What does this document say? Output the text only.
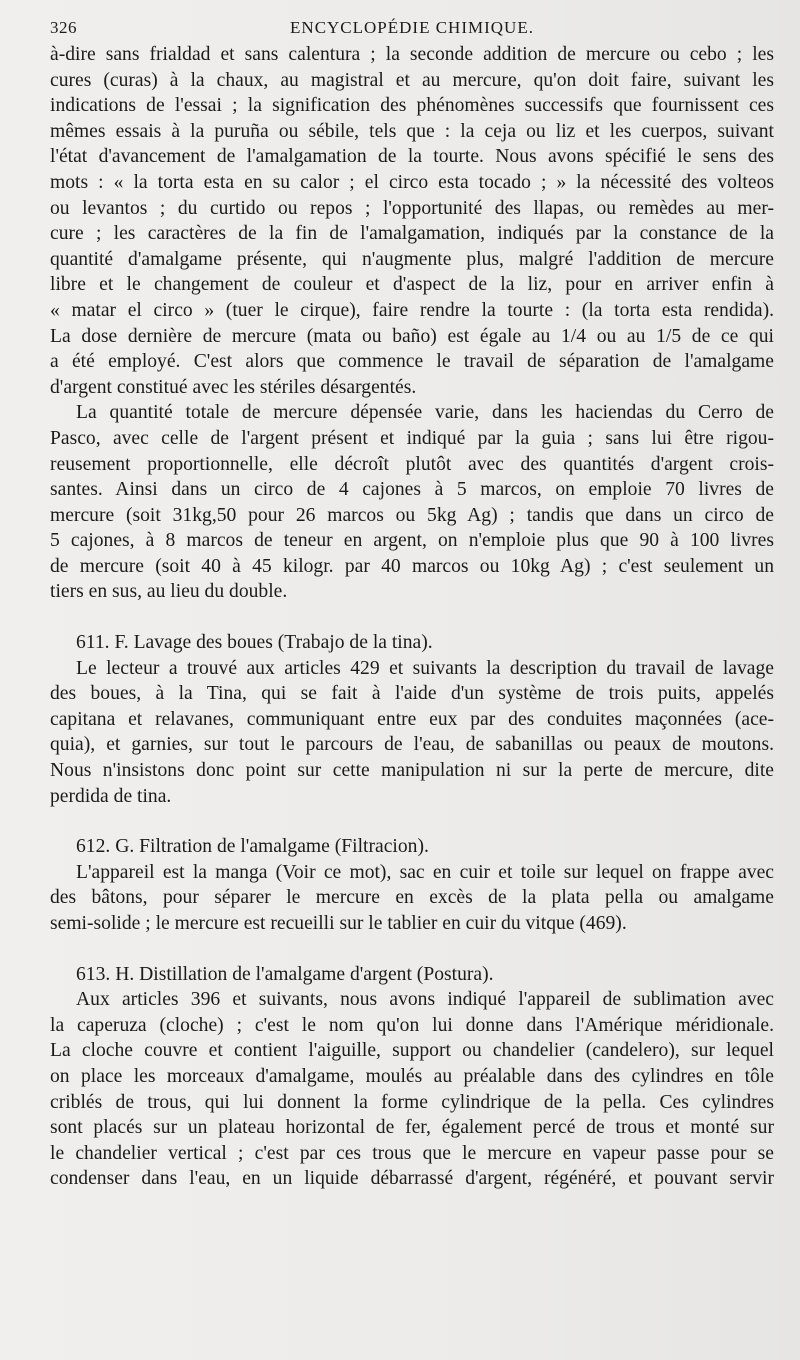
326	ENCYCLOPÉDIE CHIMIQUE.
à-dire sans frialdad et sans calentura ; la seconde addition de mercure ou cebo ; les
cures (curas) à la chaux, au magistral et au mercure, qu'on doit faire, suivant les
indications de l'essai ; la signification des phénomènes successifs que fournissent ces
mêmes essais à la puruña ou sébile, tels que : la ceja ou liz et les cuerpos, suivant
l'état d'avancement de l'amalgamation de la tourte. Nous avons spécifié le sens des
mots : « la torta esta en su calor ; el circo esta tocado ; » la nécessité des volteos
ou levantos ; du curtido ou repos ; l'opportunité des llapas, ou remèdes au mer-
cure ; les caractères de la fin de l'amalgamation, indiqués par la constance de la
quantité d'amalgame présente, qui n'augmente plus, malgré l'addition de mercure
libre et le changement de couleur et d'aspect de la liz, pour en arriver enfin à
« matar el circo » (tuer le cirque), faire rendre la tourte : (la torta esta rendida).
La dose dernière de mercure (mata ou baño) est égale au 1/4 ou au 1/5 de ce qui
a été employé. C'est alors que commence le travail de séparation de l'amalgame
d'argent constitué avec les stériles désargentés.
La quantité totale de mercure dépensée varie, dans les haciendas du Cerro de
Pasco, avec celle de l'argent présent et indiqué par la guia ; sans lui être rigou-
reusement proportionnelle, elle décroît plutôt avec des quantités d'argent crois-
santes. Ainsi dans un circo de 4 cajones à 5 marcos, on emploie 70 livres de
mercure (soit 31kg,50 pour 26 marcos ou 5kg Ag) ; tandis que dans un circo de
5 cajones, à 8 marcos de teneur en argent, on n'emploie plus que 90 à 100 livres
de mercure (soit 40 à 45 kilogr. par 40 marcos ou 10kg Ag) ; c'est seulement un
tiers en sus, au lieu du double.
611. F. Lavage des boues (Trabajo de la tina).
Le lecteur a trouvé aux articles 429 et suivants la description du travail de lavage
des boues, à la Tina, qui se fait à l'aide d'un système de trois puits, appelés
capitana et relavanes, communiquant entre eux par des conduites maçonnées (ace-
quia), et garnies, sur tout le parcours de l'eau, de sabanillas ou peaux de moutons.
Nous n'insistons donc point sur cette manipulation ni sur la perte de mercure, dite
perdida de tina.
612. G. Filtration de l'amalgame (Filtracion).
L'appareil est la manga (Voir ce mot), sac en cuir et toile sur lequel on frappe avec
des bâtons, pour séparer le mercure en excès de la plata pella ou amalgame
semi-solide ; le mercure est recueilli sur le tablier en cuir du vitque (469).
613. H. Distillation de l'amalgame d'argent (Postura).
Aux articles 396 et suivants, nous avons indiqué l'appareil de sublimation avec
la caperuza (cloche) ; c'est le nom qu'on lui donne dans l'Amérique méridionale.
La cloche couvre et contient l'aiguille, support ou chandelier (candelero), sur lequel
on place les morceaux d'amalgame, moulés au préalable dans des cylindres en tôle
criblés de trous, qui lui donnent la forme cylindrique de la pella. Ces cylindres
sont placés sur un plateau horizontal de fer, également percé de trous et monté sur
le chandelier vertical ; c'est par ces trous que le mercure en vapeur passe pour se
condenser dans l'eau, en un liquide débarrassé d'argent, régénéré, et pouvant servir
